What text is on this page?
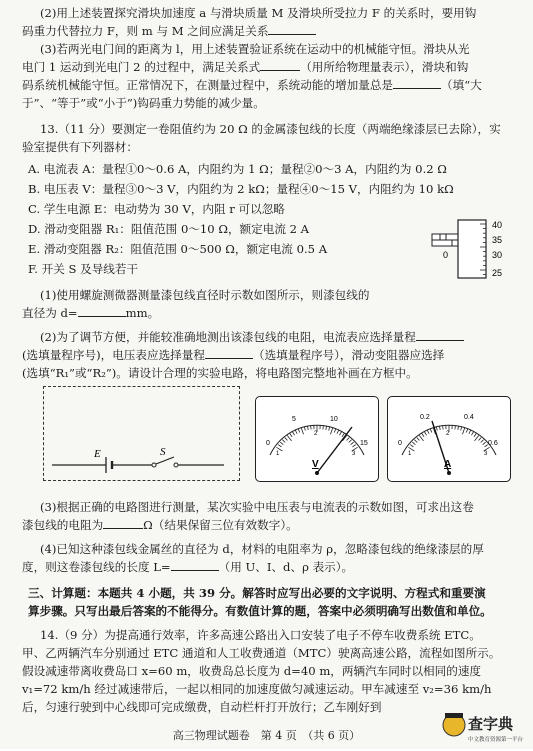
(2)用上述装置探究滑块加速度 a 与滑块质量 M 及滑块所受拉力 F 的关系时，要用钩
码重力代替拉力 F，则 m 与 M 之间应满足关系
(3)若两光电门间的距离为 l，用上述装置验证系统在运动中的机械能守恒。滑块从光
电门 1 运动到光电门 2 的过程中，满足关系式	（用所给物理量表示），滑块和钩
码系统机械能守恒。正常情况下，在测量过程中，系统动能的增加量总是	（填“大
于”、“等于”或“小于”)钩码重力势能的减少量。
13.（11 分）要测定一卷阻值约为 20 Ω 的金属漆包线的长度（两端绝缘漆层已去除），实
验室提供有下列器材：
A. 电流表 A：量程①0～0.6 A，内阻约为 1 Ω；量程②0～3 A，内阻约为 0.2 Ω
B. 电压表 V：量程③0～3 V，内阻约为 2 kΩ；量程④0～15 V，内阻约为 10 kΩ
C. 学生电源 E：电动势为 30 V，内阻 r 可以忽略
D. 滑动变阻器 R₁：阻值范围 0～10 Ω，额定电流 2 A
E. 滑动变阻器 R₂：阻值范围 0～500 Ω，额定电流 0.5 A
F. 开关 S 及导线若干
(1)使用螺旋测微器测量漆包线直径时示数如图所示，则漆包线的
直径为 d=	mm。
(2)为了调节方便，并能较准确地测出该漆包线的电阻，电流表应选择量程
(选填量程序号)，电压表应选择量程	（选填量程序号），滑动变阻器应选择
(选填“R₁”或“R₂”)。请设计合理的实验电路，将电路图完整地补画在方框中。
(3)根据正确的电路图进行测量，某次实验中电压表与电流表的示数如图，可求出这卷
漆包线的电阻为	Ω（结果保留三位有效数字）。
(4)已知这种漆包线金属丝的直径为 d，材料的电阻率为 ρ，忽略漆包线的绝缘漆层的厚
度，则这卷漆包线的长度 L=	（用 U、I、d、ρ 表示）。
三、计算题：本题共 4 小题，共 39 分。解答时应写出必要的文字说明、方程式和重要演
算步骤。只写出最后答案的不能得分。有数值计算的题，答案中必须明确写出数值和单位。
14.（9 分）为提高通行效率，许多高速公路出入口安装了电子不停车收费系统 ETC。
甲、乙两辆汽车分别通过 ETC 通道和人工收费通道（MTC）驶离高速公路，流程如图所示。
假设减速带离收费岛口 x=60 m，收费岛总长度为 d=40 m，两辆汽车同时以相同的速度
v₁=72 km/h 经过减速带后，一起以相同的加速度做匀减速运动。甲车减速至 v₂=36 km/h
后，匀速行驶到中心线即可完成缴费，自动栏杆打开放行；乙车刚好到
E	S
0
40
35
30
25
0
5	10
15
1
2
3
V
0
0.2	0.4
0.6
1
2
3
A
高三物理试题卷　第 4 页　（共 6 页）
查字典
中文教育资源第一平台
